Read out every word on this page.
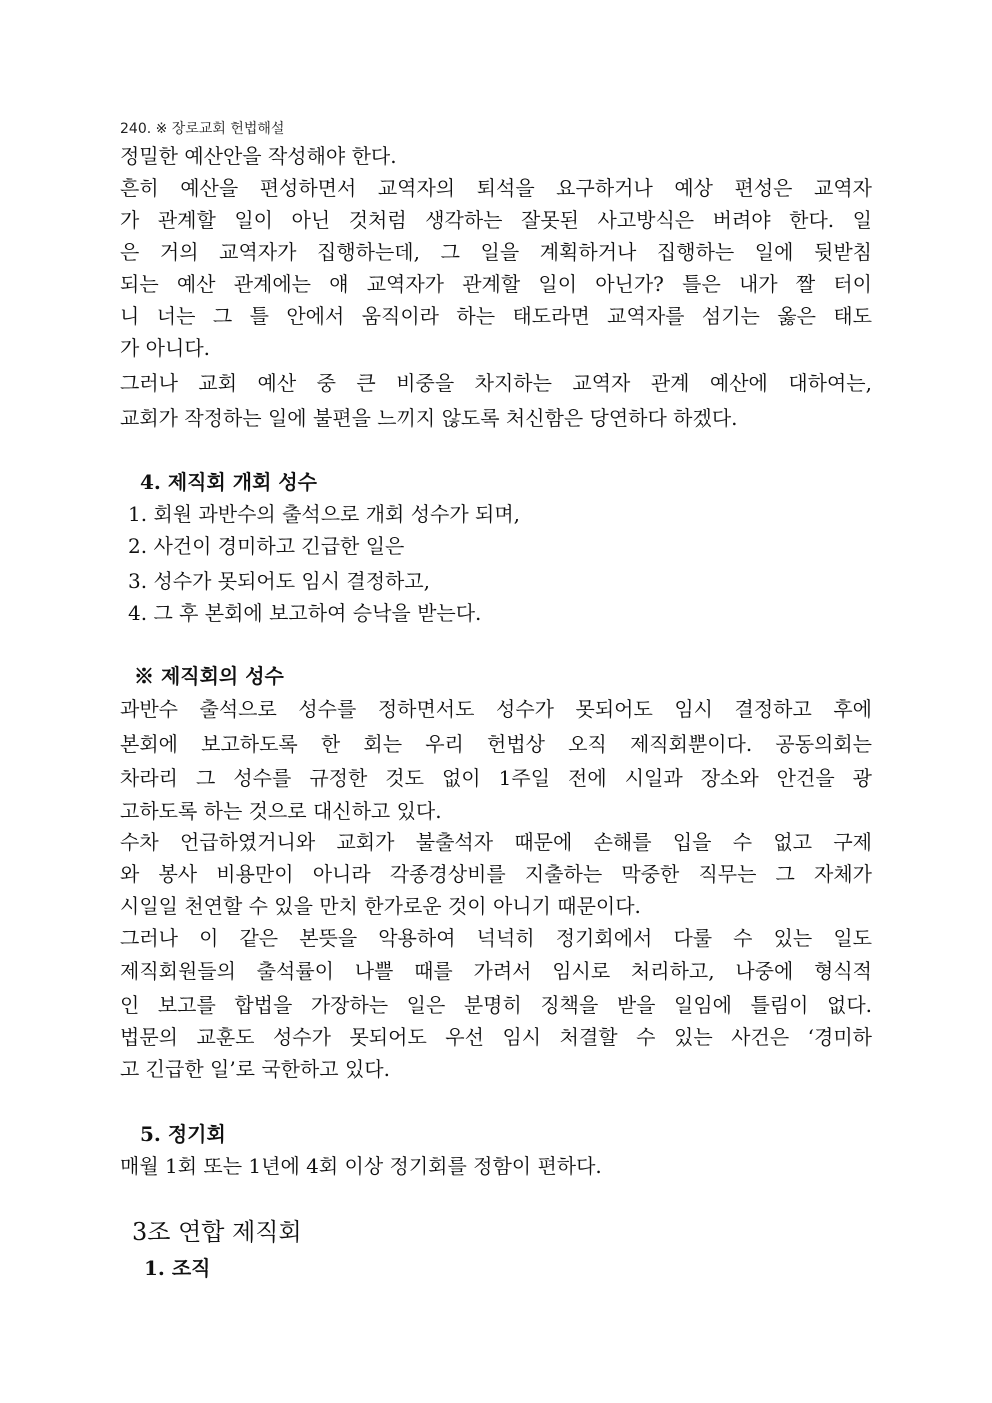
240. ※ 장로교회 헌법해설
정밀한 예산안을 작성해야 한다.
흔히 예산을 편성하면서 교역자의 퇴석을 요구하거나 예상 편성은 교역자
가 관계할 일이 아닌 것처럼 생각하는 잘못된 사고방식은 버려야 한다. 일
은 거의 교역자가 집행하는데, 그 일을 계획하거나 집행하는 일에 뒷받침
되는 예산 관계에는 얘 교역자가 관계할 일이 아닌가? 틀은 내가 짤 터이
니 너는 그 틀 안에서 움직이라 하는 태도라면 교역자를 섬기는 옳은 태도
가 아니다.
그러나 교회 예산 중 큰 비중을 차지하는 교역자 관계 예산에 대하여는,
교회가 작정하는 일에 불편을 느끼지 않도록 처신함은 당연하다 하겠다.
4. 제직회 개회 성수
1. 회원 과반수의 출석으로 개회 성수가 되며,
2. 사건이 경미하고 긴급한 일은
3. 성수가 못되어도 임시 결정하고,
4. 그 후 본회에 보고하여 승낙을 받는다.
※ 제직회의 성수
과반수 출석으로 성수를 정하면서도 성수가 못되어도 임시 결정하고 후에
본회에 보고하도록 한 회는 우리 헌법상 오직 제직회뿐이다. 공동의회는
차라리 그 성수를 규정한 것도 없이 1주일 전에 시일과 장소와 안건을 광
고하도록 하는 것으로 대신하고 있다.
수차 언급하였거니와 교회가 불출석자 때문에 손해를 입을 수 없고 구제
와 봉사 비용만이 아니라 각종경상비를 지출하는 막중한 직무는 그 자체가
시일일 천연할 수 있을 만치 한가로운 것이 아니기 때문이다.
그러나 이 같은 본뜻을 악용하여 넉넉히 정기회에서 다룰 수 있는 일도
제직회원들의 출석률이 나쁠 때를 가려서 임시로 처리하고, 나중에 형식적
인 보고를 합법을 가장하는 일은 분명히 징책을 받을 일임에 틀림이 없다.
법문의 교훈도 성수가 못되어도 우선 임시 처결할 수 있는 사건은 ‘경미하
고 긴급한 일’로 국한하고 있다.
5. 정기회
매월 1회 또는 1년에 4회 이상 정기회를 정함이 편하다.
3조 연합 제직회
1. 조직
